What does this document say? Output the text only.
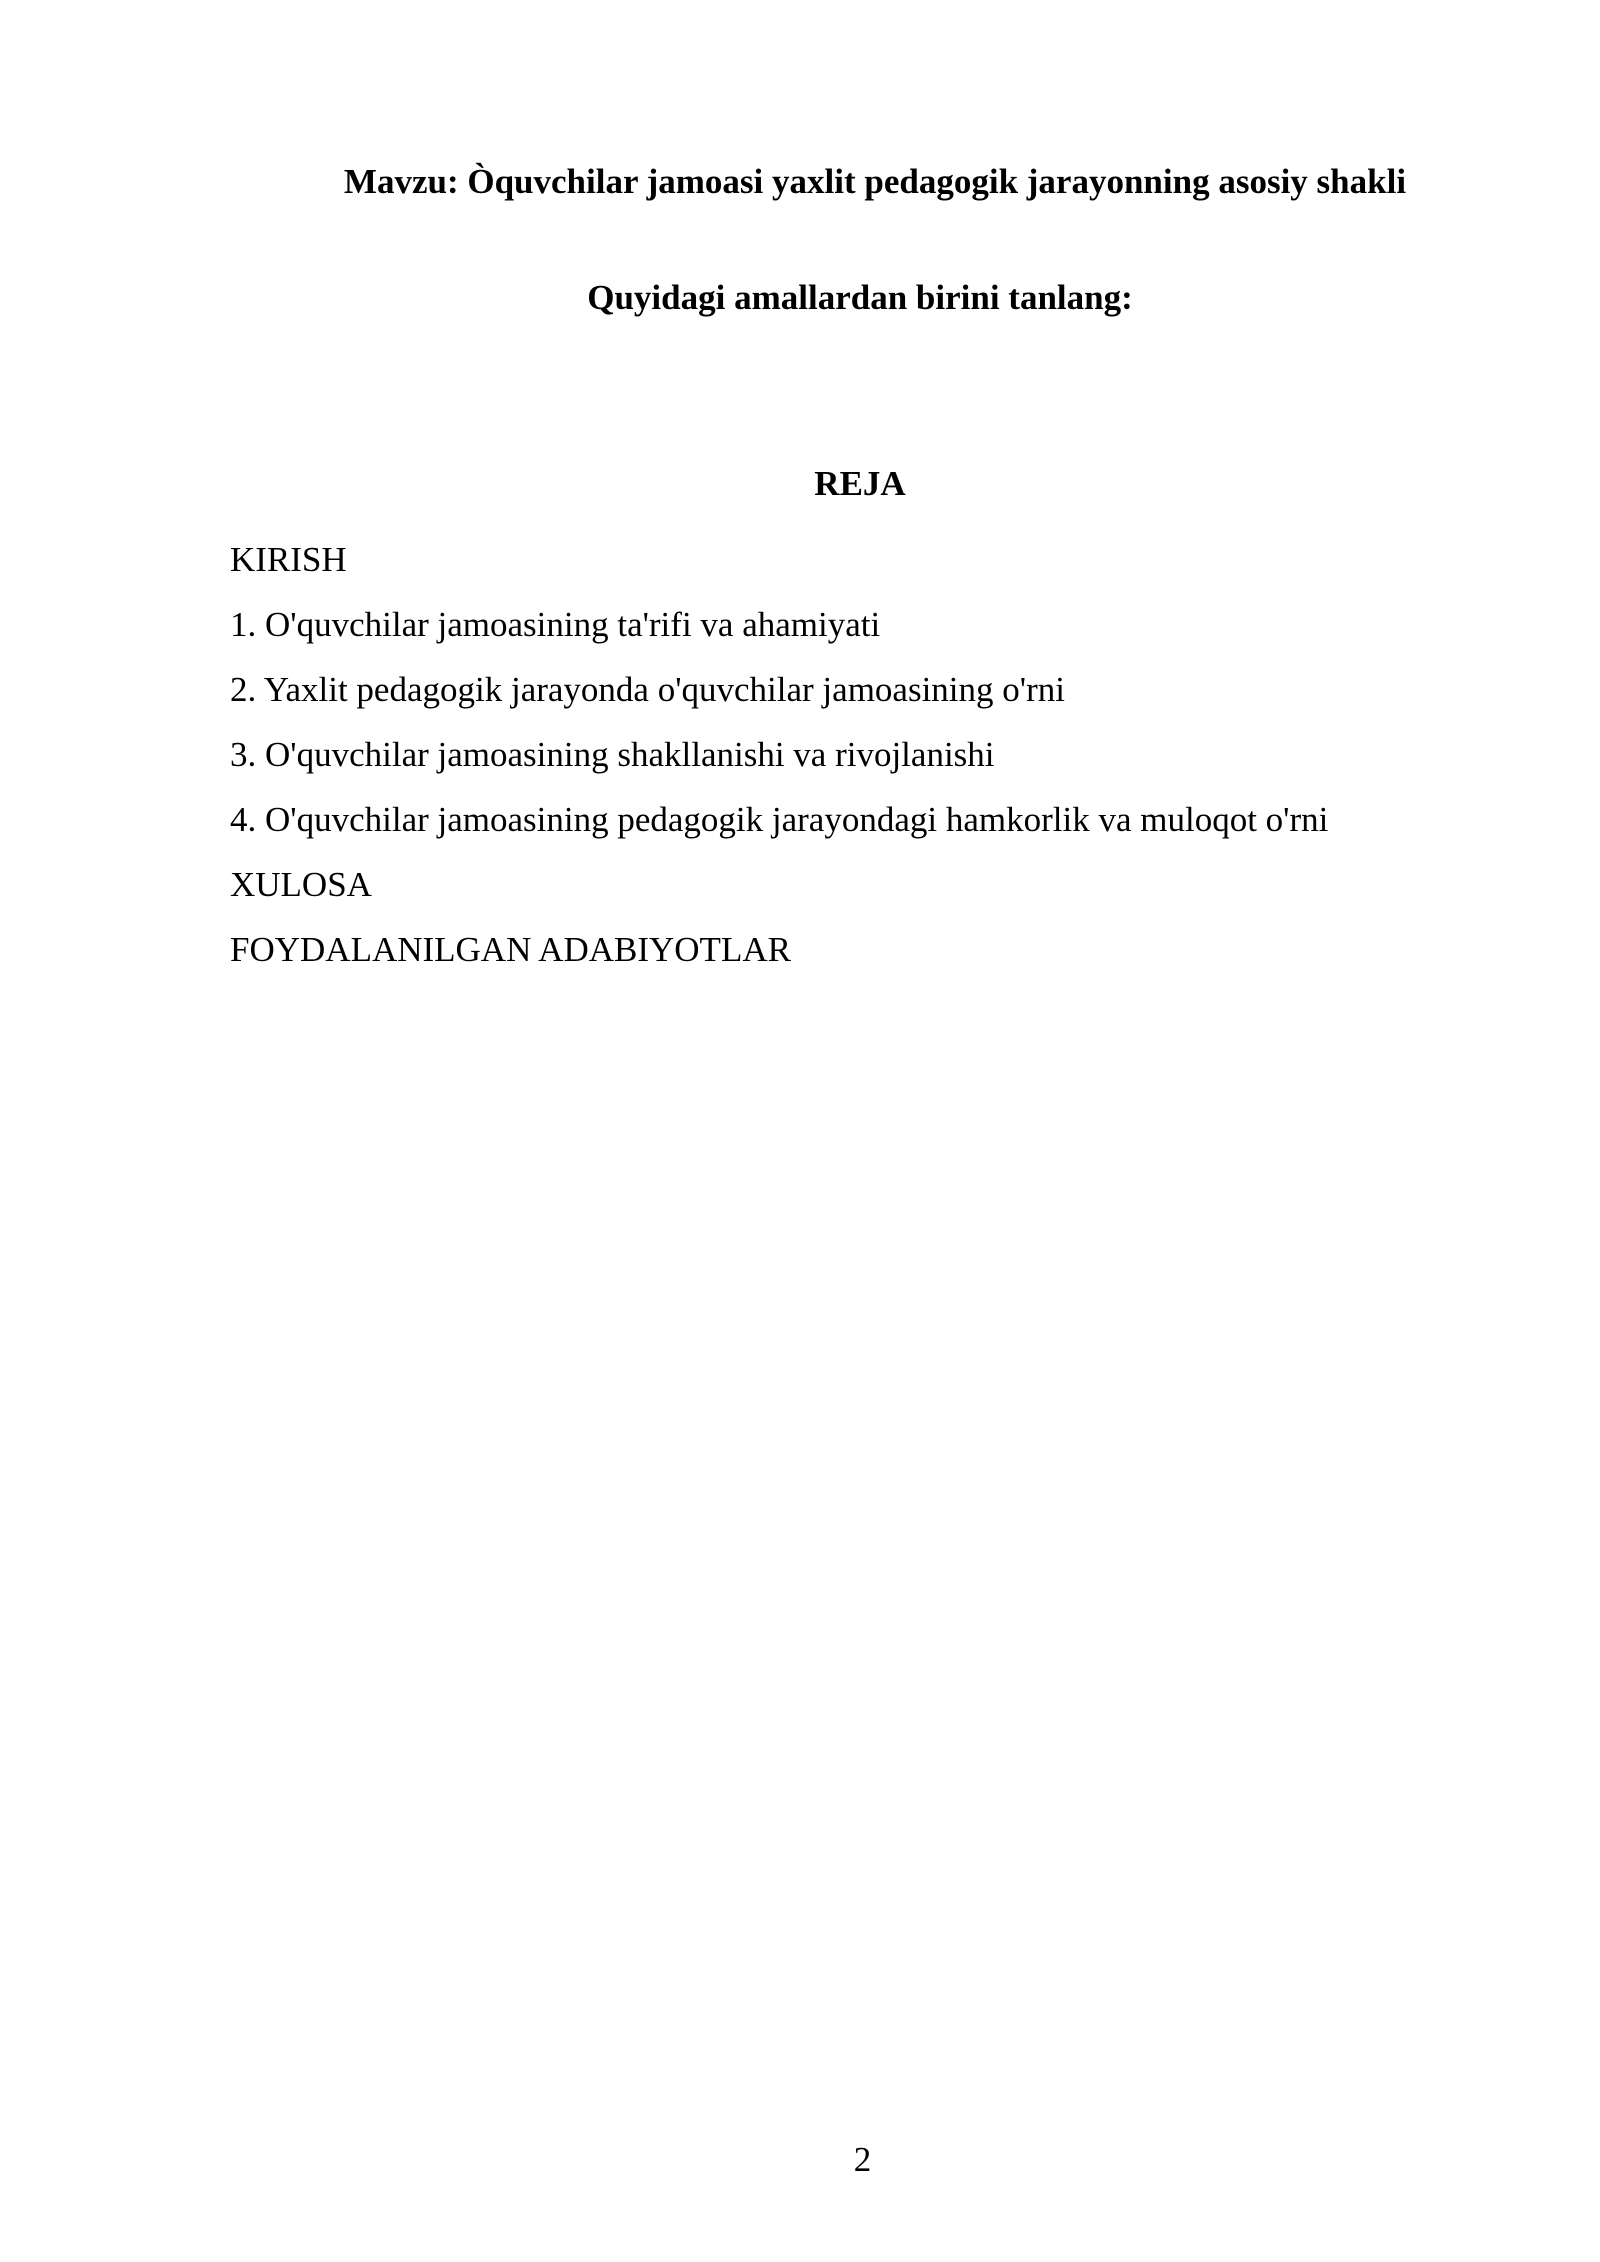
Mavzu: Òquvchilar jamoasi yaxlit pedagogik jarayonning asosiy shakli
Quyidagi amallardan birini tanlang:
REJA
KIRISH
1. O'quvchilar jamoasining ta'rifi va ahamiyati
2. Yaxlit pedagogik jarayonda o'quvchilar jamoasining o'rni
3. O'quvchilar jamoasining shakllanishi va rivojlanishi
4. O'quvchilar jamoasining pedagogik jarayondagi hamkorlik va muloqot o'rni
XULOSA
FOYDALANILGAN ADABIYOTLAR
2
